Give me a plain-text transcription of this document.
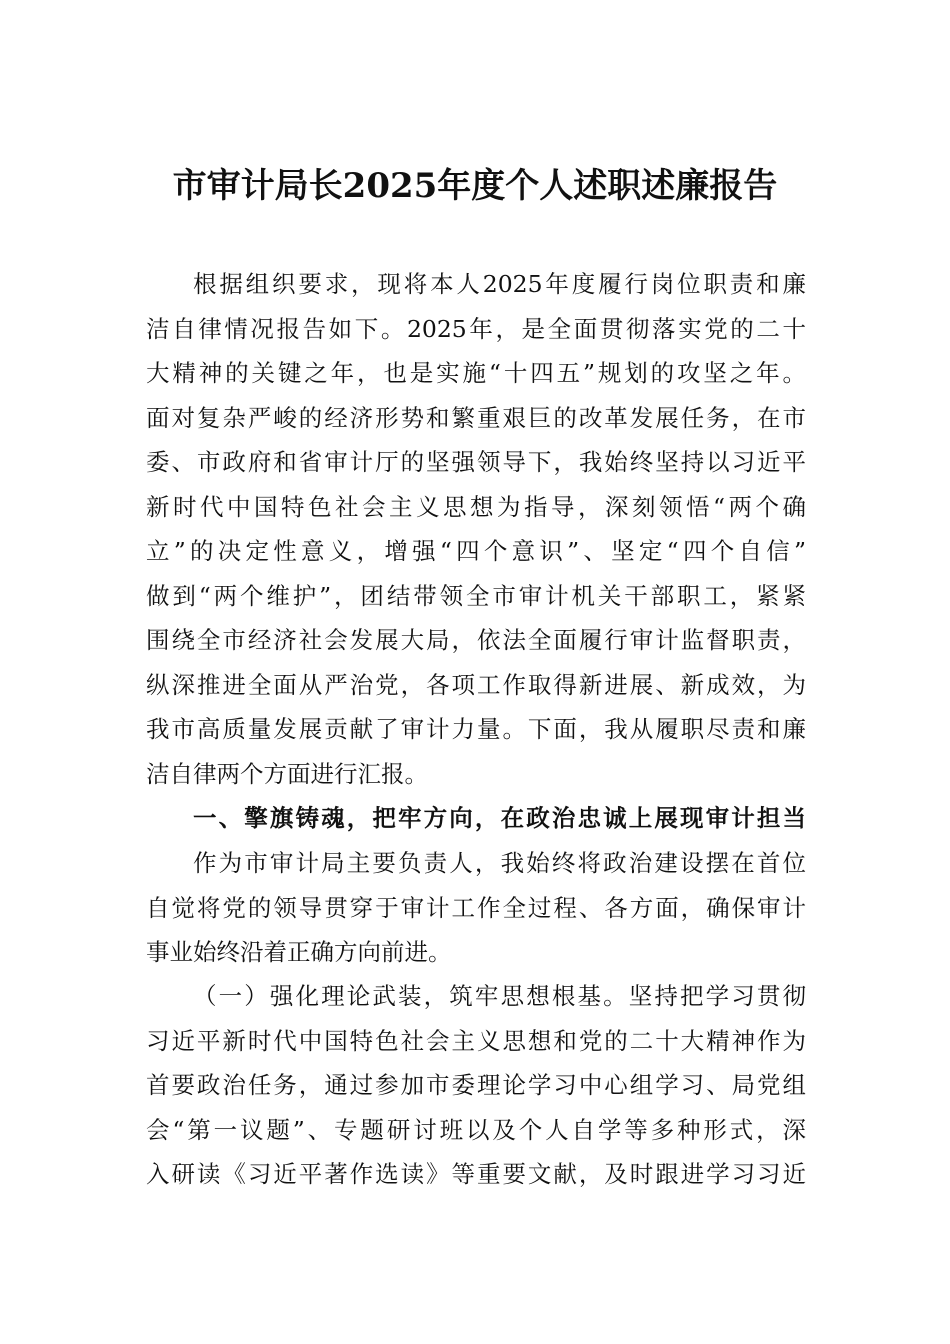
市审计局长2025年度个人述职述廉报告
根据组织要求，现将本人2025年度履行岗位职责和廉
洁自律情况报告如下。2025年，是全面贯彻落实党的二十
大精神的关键之年，也是实施“十四五”规划的攻坚之年。
面对复杂严峻的经济形势和繁重艰巨的改革发展任务，在市
委、市政府和省审计厅的坚强领导下，我始终坚持以习近平
新时代中国特色社会主义思想为指导，深刻领悟“两个确
立”的决定性意义，增强“四个意识”、坚定“四个自信”
做到“两个维护”，团结带领全市审计机关干部职工，紧紧
围绕全市经济社会发展大局，依法全面履行审计监督职责，
纵深推进全面从严治党，各项工作取得新进展、新成效，为
我市高质量发展贡献了审计力量。下面，我从履职尽责和廉
洁自律两个方面进行汇报。
一、擎旗铸魂，把牢方向，在政治忠诚上展现审计担当
作为市审计局主要负责人，我始终将政治建设摆在首位
自觉将党的领导贯穿于审计工作全过程、各方面，确保审计
事业始终沿着正确方向前进。
（一）强化理论武装，筑牢思想根基。坚持把学习贯彻
习近平新时代中国特色社会主义思想和党的二十大精神作为
首要政治任务，通过参加市委理论学习中心组学习、局党组
会“第一议题”、专题研讨班以及个人自学等多种形式，深
入研读《习近平著作选读》等重要文献，及时跟进学习习近
